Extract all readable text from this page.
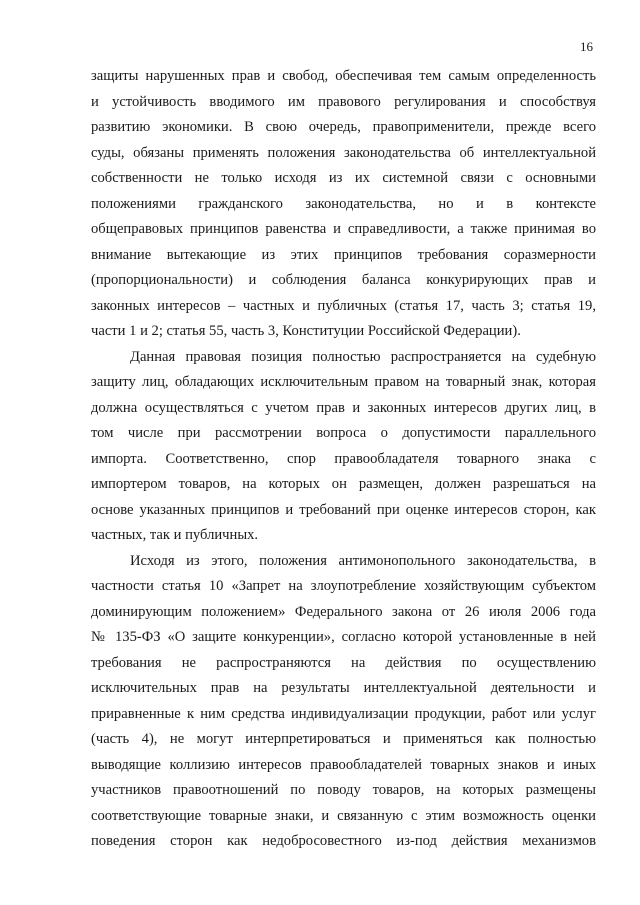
16
защиты нарушенных прав и свобод, обеспечивая тем самым определенность
и устойчивость вводимого им правового регулирования и способствуя
развитию экономики. В свою очередь, правоприменители, прежде всего
суды, обязаны применять положения законодательства об интеллектуальной
собственности не только исходя из их системной связи с основными
положениями гражданского законодательства, но и в контексте
общеправовых принципов равенства и справедливости, а также принимая во
внимание вытекающие из этих принципов требования соразмерности
(пропорциональности) и соблюдения баланса конкурирующих прав и
законных интересов – частных и публичных (статья 17, часть 3; статья 19,
части 1 и 2; статья 55, часть 3, Конституции Российской Федерации).
Данная правовая позиция полностью распространяется на судебную
защиту лиц, обладающих исключительным правом на товарный знак, которая
должна осуществляться с учетом прав и законных интересов других лиц, в
том числе при рассмотрении вопроса о допустимости параллельного
импорта. Соответственно, спор правообладателя товарного знака с
импортером товаров, на которых он размещен, должен разрешаться на
основе указанных принципов и требований при оценке интересов сторон, как
частных, так и публичных.
Исходя из этого, положения антимонопольного законодательства, в
частности статья 10 «Запрет на злоупотребление хозяйствующим субъектом
доминирующим положением» Федерального закона от 26 июля 2006 года
№ 135-ФЗ «О защите конкуренции», согласно которой установленные в ней
требования не распространяются на действия по осуществлению
исключительных прав на результаты интеллектуальной деятельности и
приравненные к ним средства индивидуализации продукции, работ или услуг
(часть 4), не могут интерпретироваться и применяться как полностью
выводящие коллизию интересов правообладателей товарных знаков и иных
участников правоотношений по поводу товаров, на которых размещены
соответствующие товарные знаки, и связанную с этим возможность оценки
поведения сторон как недобросовестного из-под действия механизмов
